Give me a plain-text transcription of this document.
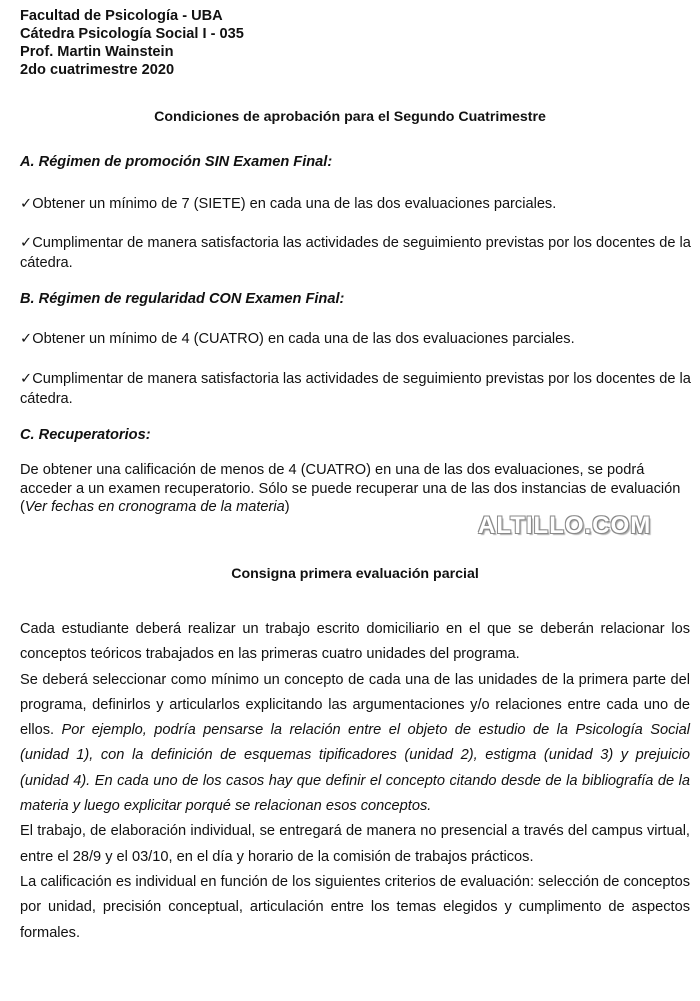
Facultad de Psicología - UBA
Cátedra Psicología Social I - 035
Prof. Martin Wainstein
2do cuatrimestre 2020
Condiciones de aprobación para el Segundo Cuatrimestre
A. Régimen de promoción SIN Examen Final:
✓Obtener un mínimo de 7 (SIETE) en cada una de las dos evaluaciones parciales.
✓Cumplimentar de manera satisfactoria las actividades de seguimiento previstas por los docentes de la cátedra.
B. Régimen de regularidad CON Examen Final:
✓Obtener un mínimo de 4 (CUATRO) en cada una de las dos evaluaciones parciales.
✓Cumplimentar de manera satisfactoria las actividades de seguimiento previstas por los docentes de la cátedra.
C. Recuperatorios:
De obtener una calificación de menos de 4 (CUATRO) en una de las dos evaluaciones, se podrá acceder a un examen recuperatorio. Sólo se puede recuperar una de las dos instancias de evaluación (Ver fechas en cronograma de la materia)
ALTILLO.COM
Consigna primera evaluación parcial

Cada estudiante deberá realizar un trabajo escrito domiciliario en el que se deberán relacionar los conceptos teóricos trabajados en las primeras cuatro unidades del programa.

Se deberá seleccionar como mínimo un concepto de cada una de las unidades de la primera parte del programa, definirlos y articularlos explicitando las argumentaciones y/o relaciones entre cada uno de ellos. Por ejemplo, podría pensarse la relación entre el objeto de estudio de la Psicología Social (unidad 1), con la definición de esquemas tipificadores (unidad 2), estigma (unidad 3) y prejuicio (unidad 4). En cada uno de los casos hay que definir el concepto citando desde de la bibliografía de la materia y luego explicitar porqué se relacionan esos conceptos.

El trabajo, de elaboración individual, se entregará de manera no presencial a través del campus virtual, entre el 28/9 y el 03/10, en el día y horario de la comisión de trabajos prácticos.

La calificación es individual en función de los siguientes criterios de evaluación: selección de conceptos por unidad, precisión conceptual, articulación entre los temas elegidos y cumplimento de aspectos formales.
